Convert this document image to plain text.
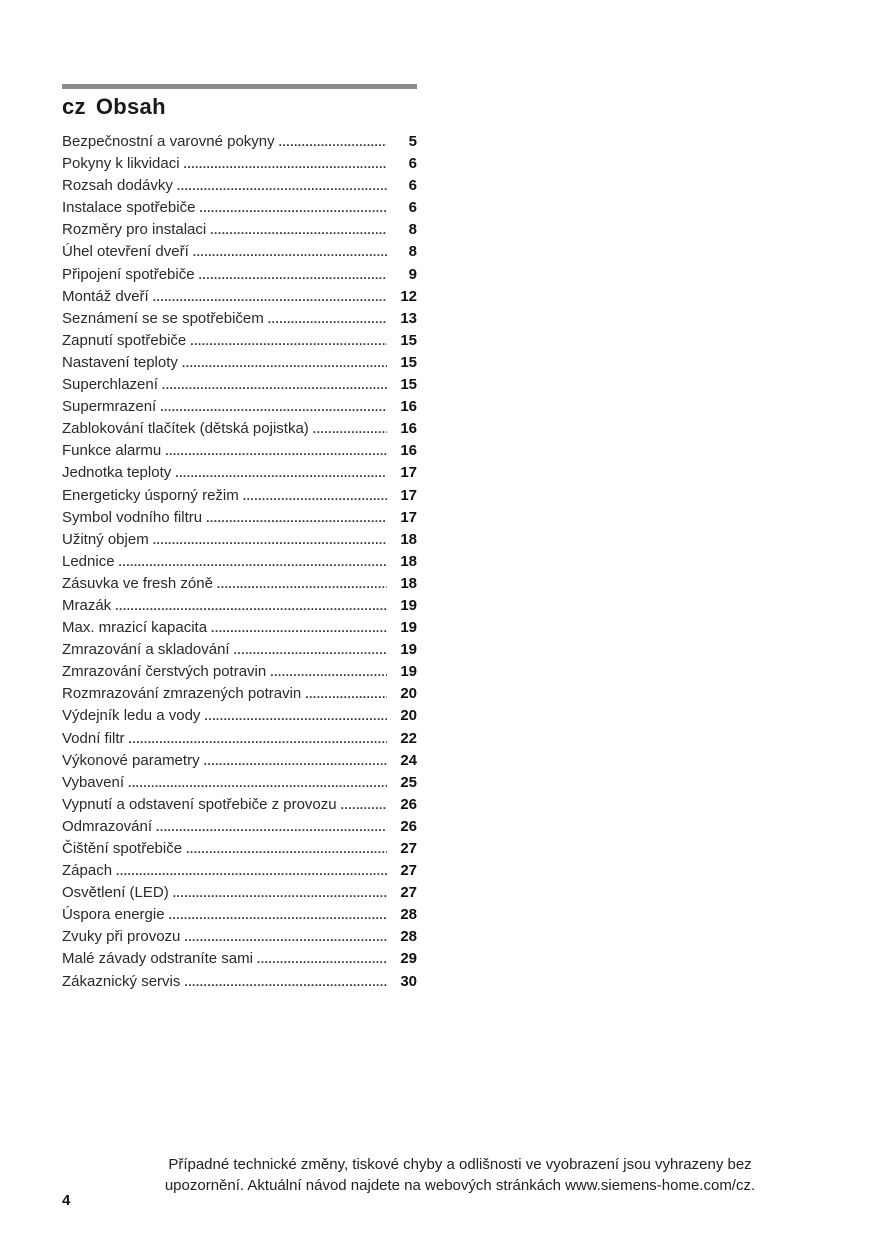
cz Obsah
Bezpečnostní a varovné pokyny .....	5
Pokyny k likvidaci .....	6
Rozsah dodávky .....	6
Instalace spotřebiče .....	6
Rozměry pro instalaci .....	8
Úhel otevření dveří .....	8
Připojení spotřebiče .....	9
Montáž dveří .....	12
Seznámení se se spotřebičem .....	13
Zapnutí spotřebiče .....	15
Nastavení teploty .....	15
Superchlazení .....	15
Supermrazení .....	16
Zablokování tlačítek (dětská pojistka) .....	16
Funkce alarmu .....	16
Jednotka teploty .....	17
Energeticky úsporný režim .....	17
Symbol vodního filtru .....	17
Užitný objem .....	18
Lednice .....	18
Zásuvka ve fresh zóně .....	18
Mrazák .....	19
Max. mrazicí kapacita .....	19
Zmrazování a skladování .....	19
Zmrazování čerstvých potravin .....	19
Rozmrazování zmrazených potravin .....	20
Výdejník ledu a vody .....	20
Vodní filtr .....	22
Výkonové parametry .....	24
Vybavení .....	25
Vypnutí a odstavení spotřebiče z provozu .....	26
Odmrazování .....	26
Čištění spotřebiče .....	27
Zápach .....	27
Osvětlení (LED) .....	27
Úspora energie .....	28
Zvuky při provozu .....	28
Malé závady odstraníte sami .....	29
Zákaznický servis .....	30
Případné technické změny, tiskové chyby a odlišnosti ve vyobrazení jsou vyhrazeny bez
upozornění. Aktuální návod najdete na webových stránkách www.siemens-home.com/cz.
4
